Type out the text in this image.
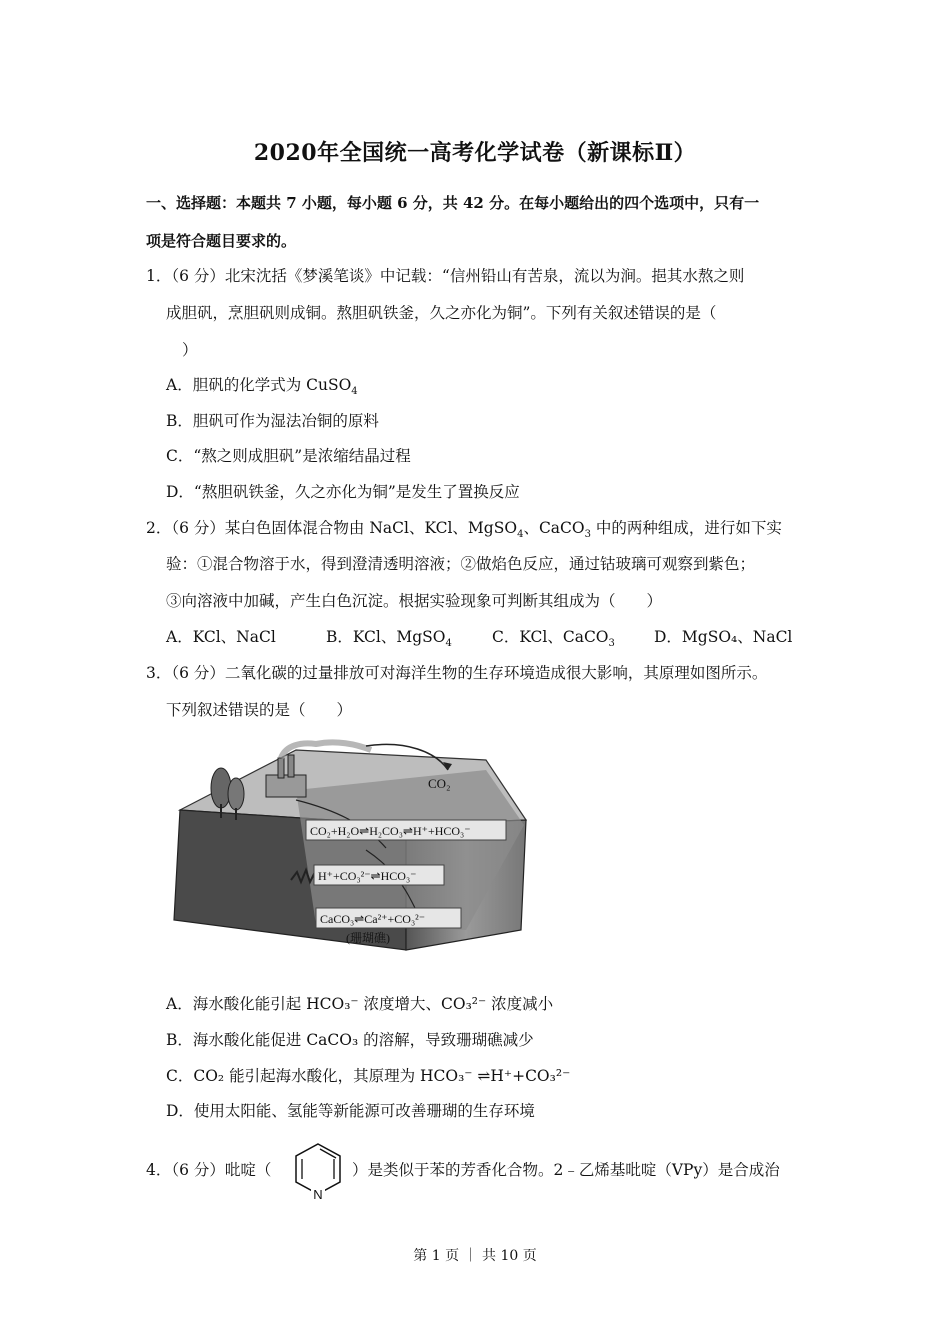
2020年全国统一高考化学试卷（新课标Ⅱ）
一、选择题：本题共 7 小题，每小题 6 分，共 42 分。在每小题给出的四个选项中，只有一
项是符合题目要求的。
1．（6 分）北宋沈括《梦溪笔谈》中记载：“信州铅山有苦泉，流以为涧。挹其水熬之则
成胆矾，烹胆矾则成铜。熬胆矾铁釜，久之亦化为铜”。下列有关叙述错误的是（
）
A．胆矾的化学式为 CuSO$_4$
B．胆矾可作为湿法冶铜的原料
C．“熬之则成胆矾”是浓缩结晶过程
D．“熬胆矾铁釜，久之亦化为铜”是发生了置换反应
2．（6 分）某白色固体混合物由 NaCl、KCl、MgSO$_4$、CaCO$_3$ 中的两种组成，进行如下实
验：①混合物溶于水，得到澄清透明溶液；②做焰色反应，通过钴玻璃可观察到紫色；
③向溶液中加碱，产生白色沉淀。根据实验现象可判断其组成为（　　）
A．KCl、NaCl	B．KCl、MgSO$_4$	C．KCl、CaCO$_3$	D．MgSO₄、NaCl
3．（6 分）二氧化碳的过量排放可对海洋生物的生存环境造成很大影响，其原理如图所示。
下列叙述错误的是（　　）
CO₂
CO₂+H₂O⇌H₂CO₃⇌H⁺+HCO₃⁻
H⁺+CO₃²⁻⇌HCO₃⁻
CaCO₃⇌Ca²⁺+CO₃²⁻
(珊瑚礁)
A．海水酸化能引起 HCO₃⁻ 浓度增大、CO₃²⁻ 浓度减小
B．海水酸化能促进 CaCO₃ 的溶解，导致珊瑚礁减少
C．CO₂ 能引起海水酸化，其原理为 HCO₃⁻ ⇌H⁺+CO₃²⁻
D．使用太阳能、氢能等新能源可改善珊瑚的生存环境
4．（6 分）吡啶（
N
）是类似于苯的芳香化合物。2﹣乙烯基吡啶（VPy）是合成治
第 1 页 ｜ 共 10 页
